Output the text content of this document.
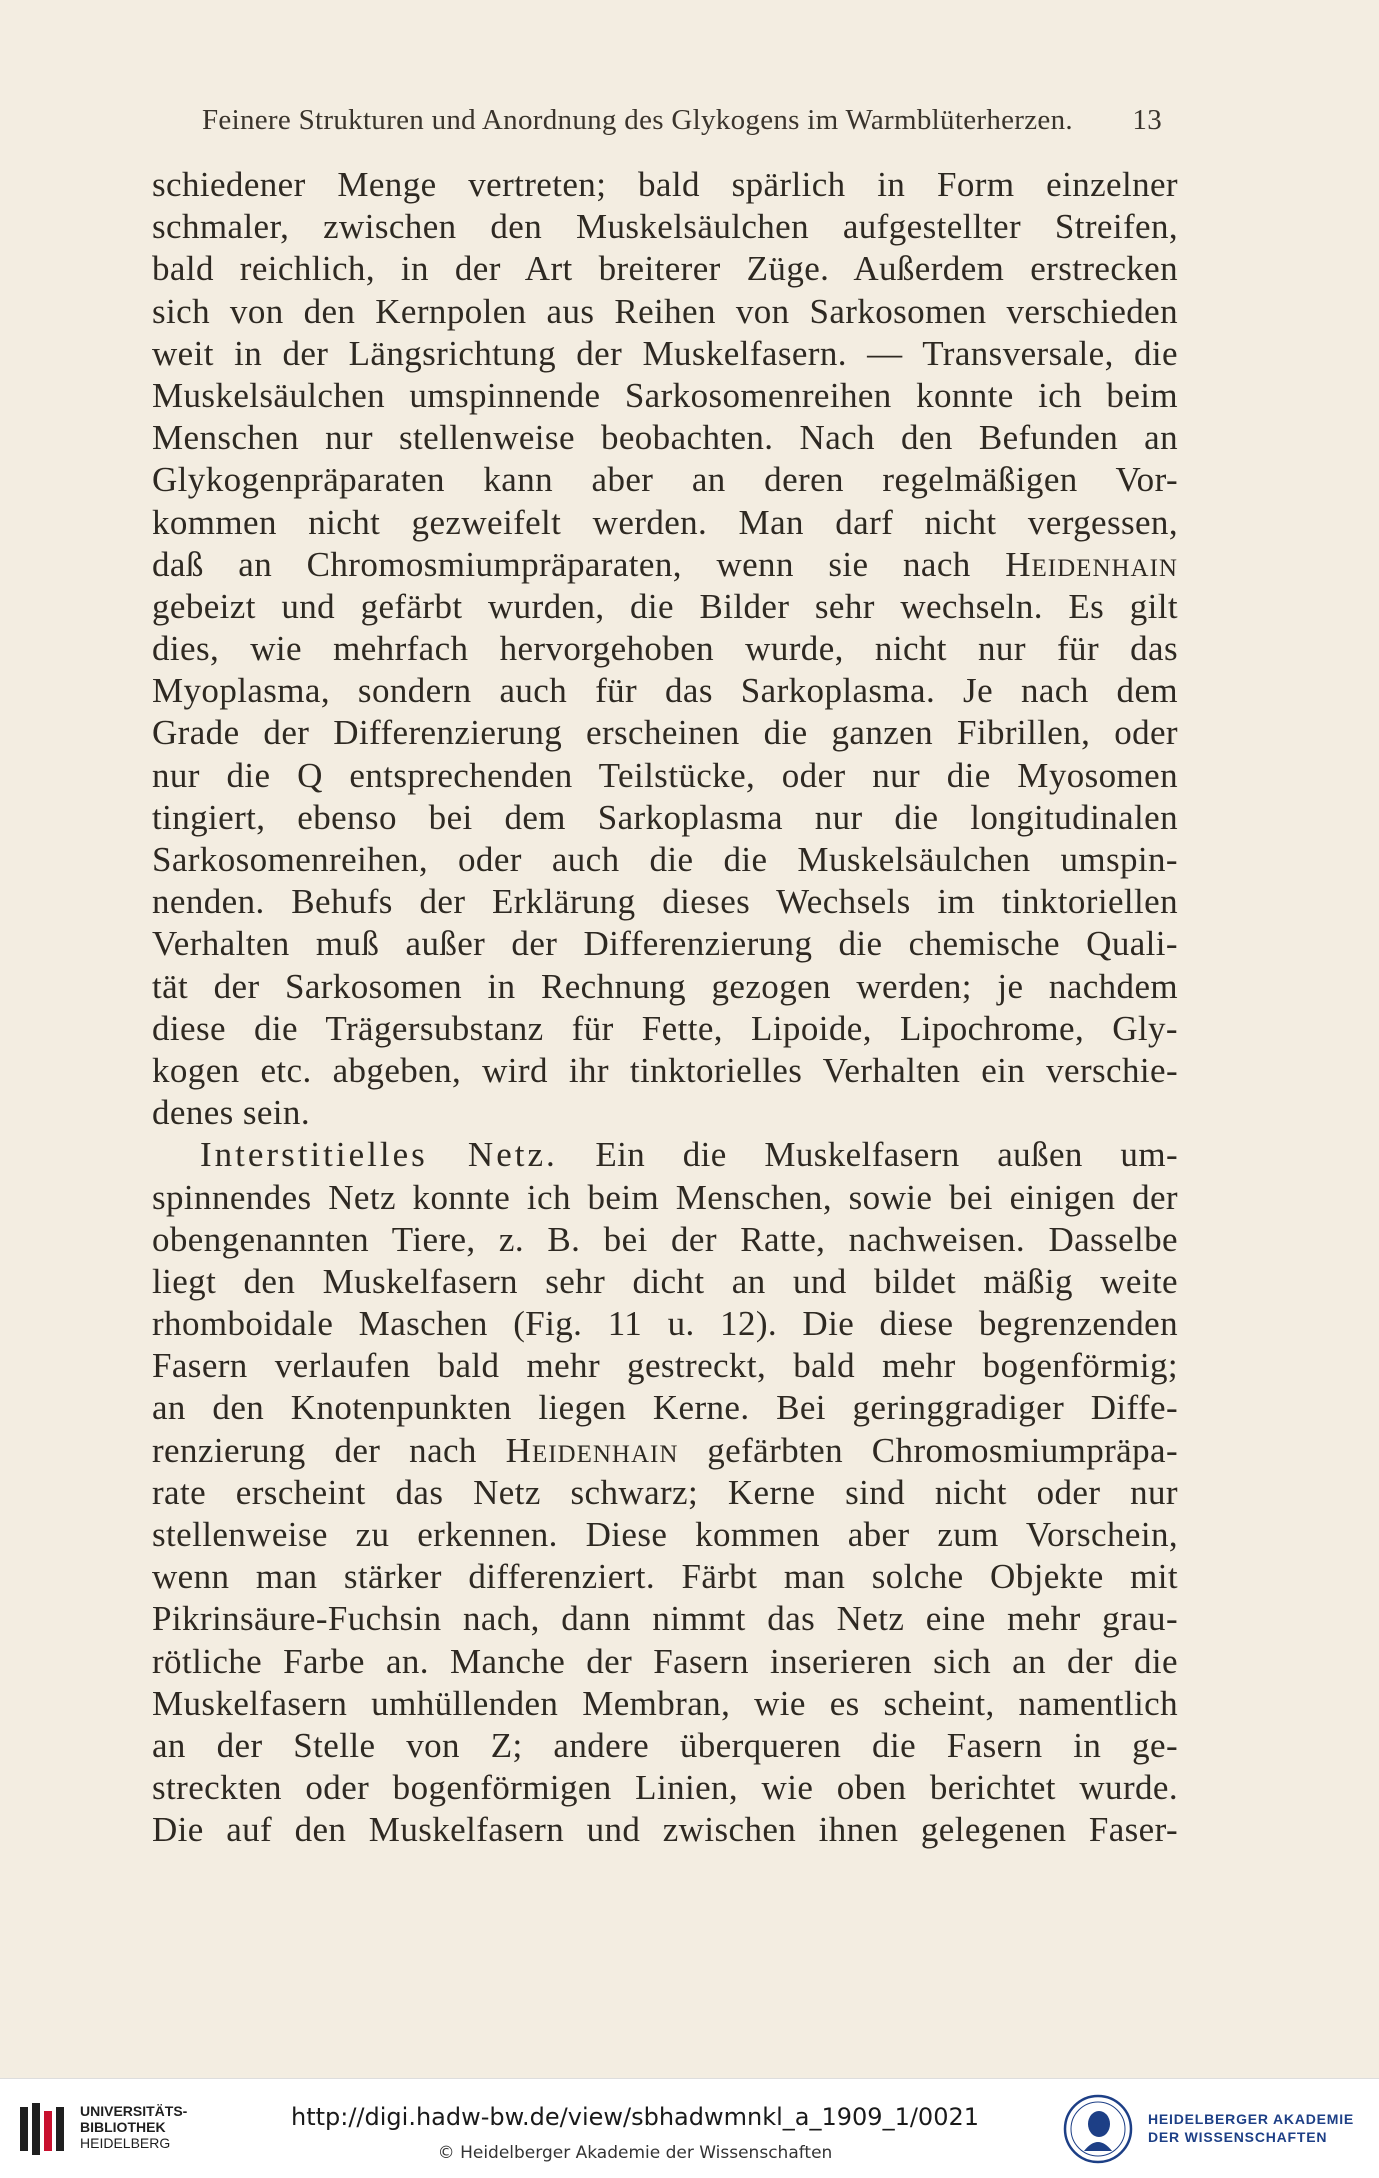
Feinere Strukturen und Anordnung des Glykogens im Warmblüterherzen. 13
schiedener Menge vertreten; bald spärlich in Form einzelner
schmaler, zwischen den Muskelsäulchen aufgestellter Streifen,
bald reichlich, in der Art breiterer Züge. Außerdem erstrecken
sich von den Kernpolen aus Reihen von Sarkosomen verschieden
weit in der Längsrichtung der Muskelfasern. — Transversale, die
Muskelsäulchen umspinnende Sarkosomenreihen konnte ich beim
Menschen nur stellenweise beobachten. Nach den Befunden an
Glykogenpräparaten kann aber an deren regelmäßigen Vor-
kommen nicht gezweifelt werden. Man darf nicht vergessen,
daß an Chromosmiumpräparaten, wenn sie nach Heidenhain
gebeizt und gefärbt wurden, die Bilder sehr wechseln. Es gilt
dies, wie mehrfach hervorgehoben wurde, nicht nur für das
Myoplasma, sondern auch für das Sarkoplasma. Je nach dem
Grade der Differenzierung erscheinen die ganzen Fibrillen, oder
nur die Q entsprechenden Teilstücke, oder nur die Myosomen
tingiert, ebenso bei dem Sarkoplasma nur die longitudinalen
Sarkosomenreihen, oder auch die die Muskelsäulchen umspin-
nenden. Behufs der Erklärung dieses Wechsels im tinktoriellen
Verhalten muß außer der Differenzierung die chemische Quali-
tät der Sarkosomen in Rechnung gezogen werden; je nachdem
diese die Trägersubstanz für Fette, Lipoide, Lipochrome, Gly-
kogen etc. abgeben, wird ihr tinktorielles Verhalten ein verschie-
denes sein.
Interstitielles Netz. Ein die Muskelfasern außen um-
spinnendes Netz konnte ich beim Menschen, sowie bei einigen der
obengenannten Tiere, z. B. bei der Ratte, nachweisen. Dasselbe
liegt den Muskelfasern sehr dicht an und bildet mäßig weite
rhomboidale Maschen (Fig. 11 u. 12). Die diese begrenzenden
Fasern verlaufen bald mehr gestreckt, bald mehr bogenförmig;
an den Knotenpunkten liegen Kerne. Bei geringgradiger Diffe-
renzierung der nach Heidenhain gefärbten Chromosmiumpräpa-
rate erscheint das Netz schwarz; Kerne sind nicht oder nur
stellenweise zu erkennen. Diese kommen aber zum Vorschein,
wenn man stärker differenziert. Färbt man solche Objekte mit
Pikrinsäure-Fuchsin nach, dann nimmt das Netz eine mehr grau-
rötliche Farbe an. Manche der Fasern inserieren sich an der die
Muskelfasern umhüllenden Membran, wie es scheint, namentlich
an der Stelle von Z; andere überqueren die Fasern in ge-
streckten oder bogenförmigen Linien, wie oben berichtet wurde.
Die auf den Muskelfasern und zwischen ihnen gelegenen Faser-
UNIVERSITÄTS-
BIBLIOTHEK
HEIDELBERG
http://digi.hadw-bw.de/view/sbhadwmnkl_a_1909_1/0021
© Heidelberger Akademie der Wissenschaften
HEIDELBERGER AKADEMIE
DER WISSENSCHAFTEN
